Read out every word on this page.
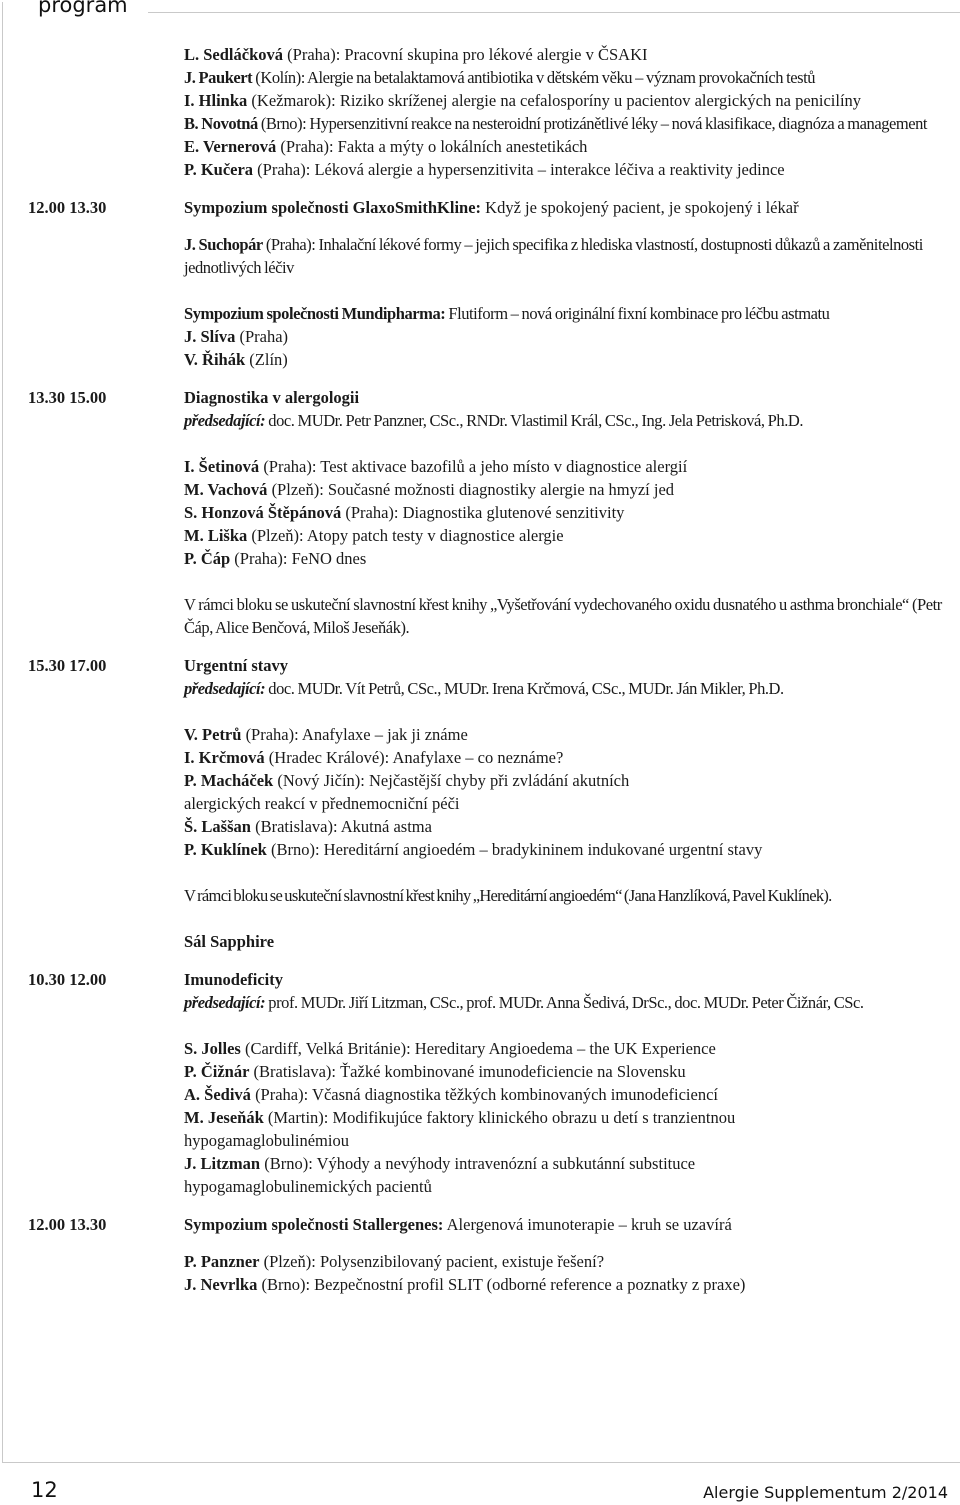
program

L. Sedláčková (Praha): Pracovní skupina pro lékové alergie v ČSAKI

J. Paukert (Kolín): Alergie na betalaktamová antibiotika v dětském věku – význam provokačních testů

I. Hlinka (Kežmarok): Riziko skríženej alergie na cefalosporíny u pacientov alergických na penicilíny

B. Novotná (Brno): Hypersenzitivní reakce na nesteroidní protizánětlivé léky – nová klasifikace, diagnóza a management

E. Vernerová (Praha): Fakta a mýty o lokálních anestetikách

P. Kučera (Praha): Léková alergie a hypersenzitivita – interakce léčiva a reaktivity jedince

12.00 13.30	Sympozium společnosti GlaxoSmithKline: Když je spokojený pacient, je spokojený i lékař

J. Suchopár (Praha): Inhalační lékové formy – jejich specifika z hlediska vlastností, dostupnosti důkazů a zaměnitelnosti jednotlivých léčiv

Sympozium společnosti Mundipharma: Flutiform – nová originální fixní kombinace pro léčbu astmatu

J. Slíva (Praha)

V. Řihák (Zlín)

13.30 15.00	Diagnostika v alergologii

předsedající: doc. MUDr. Petr Panzner, CSc., RNDr. Vlastimil Král, CSc., Ing. Jela Petrisková, Ph.D.

I. Šetinová (Praha): Test aktivace bazofilů a jeho místo v diagnostice alergií

M. Vachová (Plzeň): Současné možnosti diagnostiky alergie na hmyzí jed

S. Honzová Štěpánová (Praha): Diagnostika glutenové senzitivity

M. Liška (Plzeň): Atopy patch testy v diagnostice alergie

P. Čáp (Praha): FeNO dnes

V rámci bloku se uskuteční slavnostní křest knihy „Vyšetřování vydechovaného oxidu dusnatého u asthma bronchiale“ (Petr Čáp, Alice Benčová, Miloš Jeseňák).

15.30 17.00	Urgentní stavy

předsedající: doc. MUDr. Vít Petrů, CSc., MUDr. Irena Krčmová, CSc., MUDr. Ján Mikler, Ph.D.

V. Petrů (Praha): Anafylaxe – jak ji známe

I. Krčmová (Hradec Králové): Anafylaxe – co neznáme?

P. Macháček (Nový Jičín): Nejčastější chyby při zvládání akutních alergických reakcí v přednemocniční péči

Š. Laššan (Bratislava): Akutná astma

P. Kuklínek (Brno): Hereditární angioedém – bradykininem indukované urgentní stavy

V rámci bloku se uskuteční slavnostní křest knihy „Hereditární angioedém“ (Jana Hanzlíková, Pavel Kuklínek).

Sál Sapphire

10.30 12.00	Imunodeficity

předsedající: prof. MUDr. Jiří Litzman, CSc., prof. MUDr. Anna Šedivá, DrSc., doc. MUDr. Peter Čižnár, CSc.

S. Jolles (Cardiff, Velká Británie): Hereditary Angioedema – the UK Experience

P. Čižnár (Bratislava): Ťažké kombinované imunodeficiencie na Slovensku

A. Šedivá (Praha): Včasná diagnostika těžkých kombinovaných imunodeficiencí

M. Jeseňák (Martin): Modifikujúce faktory klinického obrazu u detí s tranzientnou hypogamaglobulinémiou

J. Litzman (Brno): Výhody a nevýhody intravenózní a subkutánní substituce hypogamaglobulinemických pacientů

12.00 13.30	Sympozium společnosti Stallergenes: Alergenová imunoterapie – kruh se uzavírá

P. Panzner (Plzeň): Polysenzibilovaný pacient, existuje řešení?

J. Nevrlka (Brno): Bezpečnostní profil SLIT (odborné reference a poznatky z praxe)

12	Alergie Supplementum 2/2014
